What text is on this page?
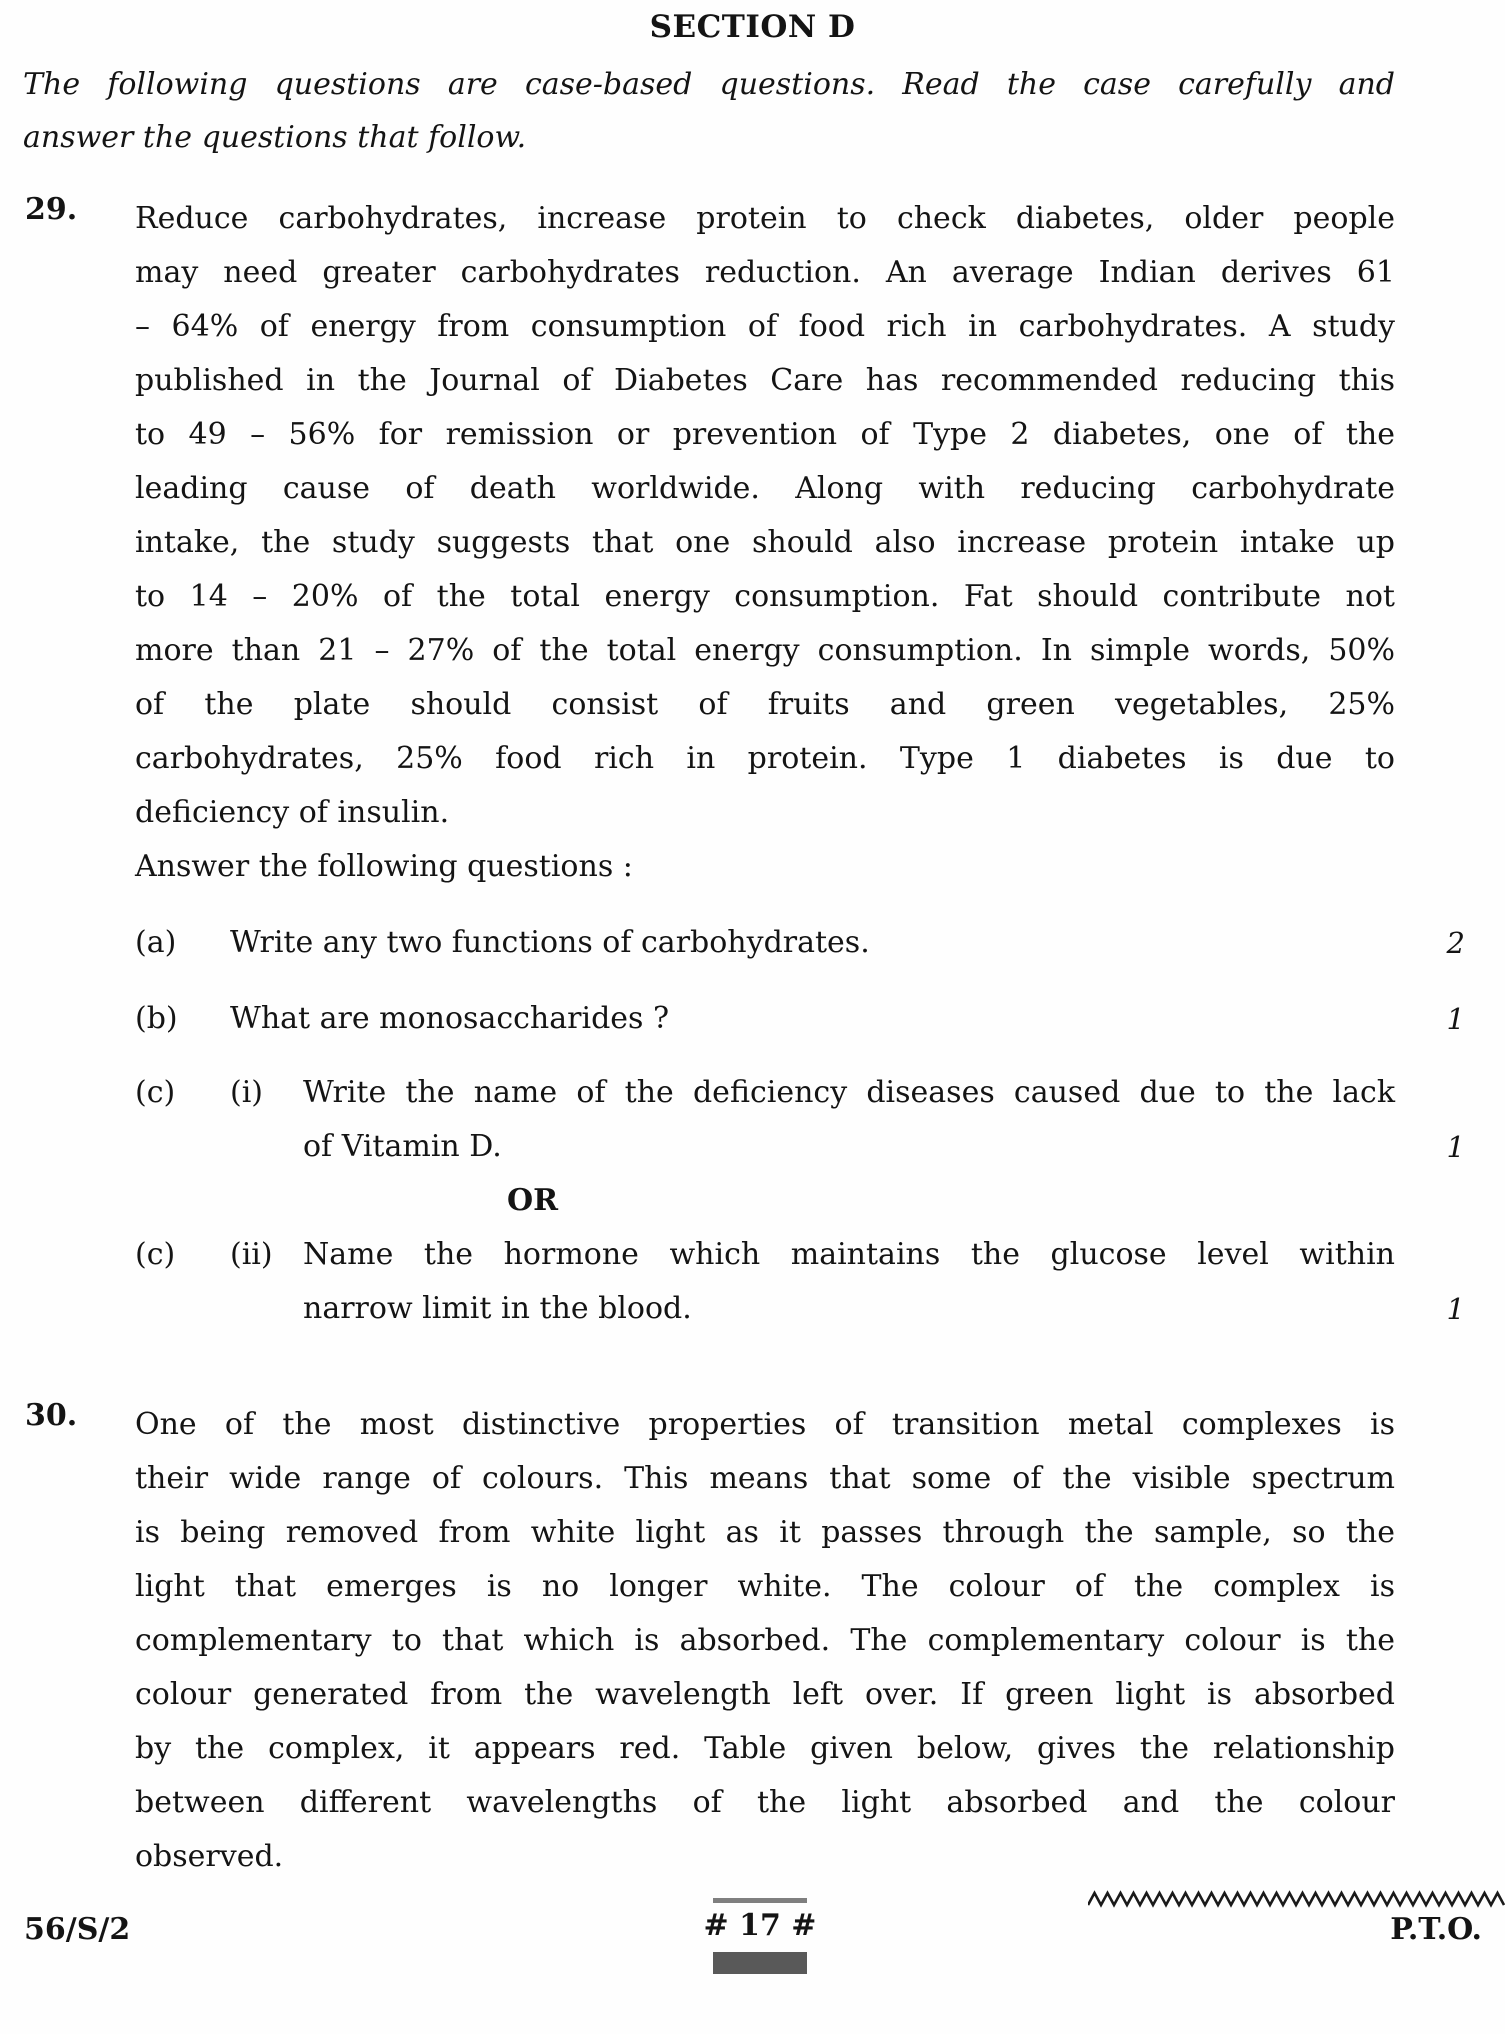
SECTION D
The following questions are case-based questions. Read the case carefully and
answer the questions that follow.
29. Reduce carbohydrates, increase protein to check diabetes, older people
may need greater carbohydrates reduction. An average Indian derives 61
– 64% of energy from consumption of food rich in carbohydrates. A study
published in the Journal of Diabetes Care has recommended reducing this
to 49 – 56% for remission or prevention of Type 2 diabetes, one of the
leading cause of death worldwide. Along with reducing carbohydrate
intake, the study suggests that one should also increase protein intake up
to 14 – 20% of the total energy consumption. Fat should contribute not
more than 21 – 27% of the total energy consumption. In simple words, 50%
of the plate should consist of fruits and green vegetables, 25%
carbohydrates, 25% food rich in protein. Type 1 diabetes is due to
deficiency of insulin.
Answer the following questions :
(a)	Write any two functions of carbohydrates.	2
(b)	What are monosaccharides ?	1
(c)	(i)	Write the name of the deficiency diseases caused due to the lack
of Vitamin D.	1
OR
(c)	(ii)	Name the hormone which maintains the glucose level within
narrow limit in the blood.	1
30. One of the most distinctive properties of transition metal complexes is
their wide range of colours. This means that some of the visible spectrum
is being removed from white light as it passes through the sample, so the
light that emerges is no longer white. The colour of the complex is
complementary to that which is absorbed. The complementary colour is the
colour generated from the wavelength left over. If green light is absorbed
by the complex, it appears red. Table given below, gives the relationship
between different wavelengths of the light absorbed and the colour
observed.
56/S/2	# 17 #	P.T.O.
